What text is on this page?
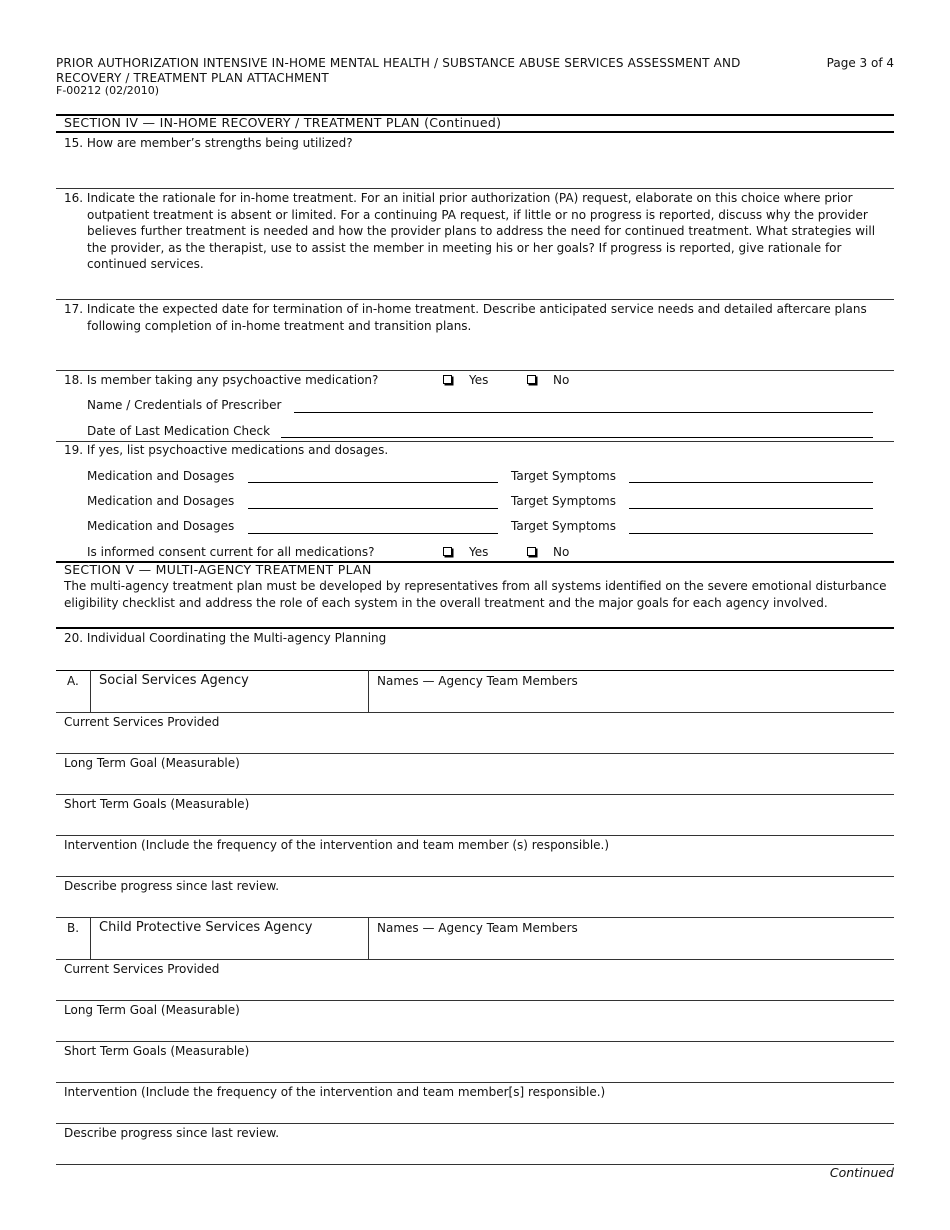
PRIOR AUTHORIZATION INTENSIVE IN-HOME MENTAL HEALTH / SUBSTANCE ABUSE SERVICES ASSESSMENT AND
RECOVERY / TREATMENT PLAN ATTACHMENT
F-00212 (02/2010)
Page 3 of 4
SECTION IV — IN-HOME RECOVERY / TREATMENT PLAN (Continued)
15. How are member’s strengths being utilized?
16. Indicate the rationale for in-home treatment. For an initial prior authorization (PA) request, elaborate on this choice where prior outpatient treatment is absent or limited. For a continuing PA request, if little or no progress is reported, discuss why the provider believes further treatment is needed and how the provider plans to address the need for continued treatment. What strategies will the provider, as the therapist, use to assist the member in meeting his or her goals? If progress is reported, give rationale for continued services.
17. Indicate the expected date for termination of in-home treatment. Describe anticipated service needs and detailed aftercare plans following completion of in-home treatment and transition plans.
18. Is member taking any psychoactive medication?	Yes	No
Name / Credentials of Prescriber
Date of Last Medication Check
19. If yes, list psychoactive medications and dosages.
Medication and Dosages	Target Symptoms
Medication and Dosages	Target Symptoms
Medication and Dosages	Target Symptoms
Is informed consent current for all medications?	Yes	No
SECTION V — MULTI-AGENCY TREATMENT PLAN
The multi-agency treatment plan must be developed by representatives from all systems identified on the severe emotional disturbance eligibility checklist and address the role of each system in the overall treatment and the major goals for each agency involved.
20. Individual Coordinating the Multi-agency Planning
A. Social Services Agency	Names — Agency Team Members
Current Services Provided
Long Term Goal (Measurable)
Short Term Goals (Measurable)
Intervention (Include the frequency of the intervention and team member (s) responsible.)
Describe progress since last review.
B. Child Protective Services Agency	Names — Agency Team Members
Current Services Provided
Long Term Goal (Measurable)
Short Term Goals (Measurable)
Intervention (Include the frequency of the intervention and team member[s] responsible.)
Describe progress since last review.
Continued
